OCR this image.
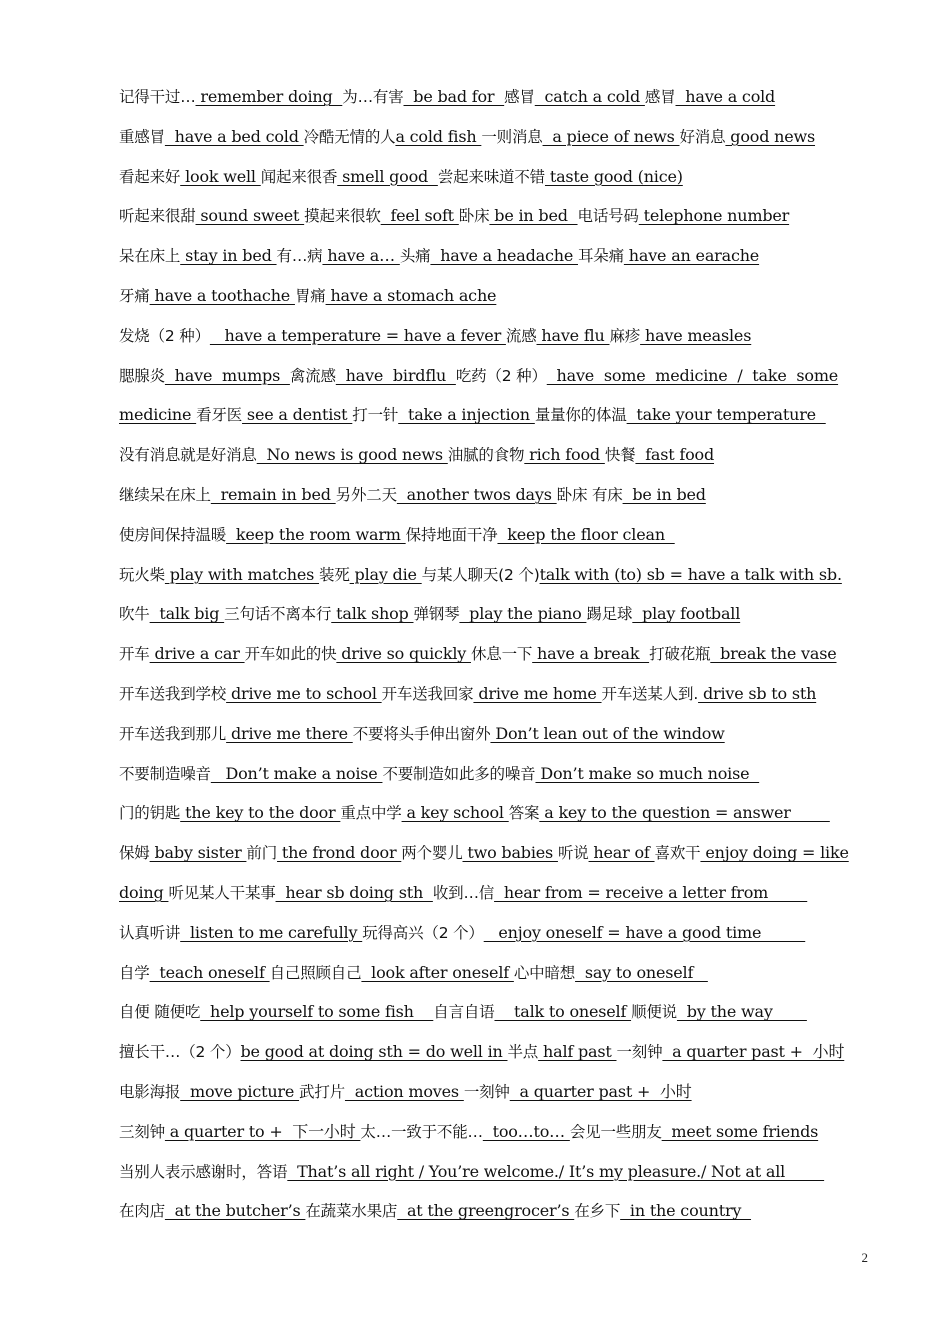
记得干过… remember doing  为…有害  be bad for  感冒  catch a cold 感冒  have a cold
重感冒  have a bed cold 冷酷无情的人a cold fish 一则消息  a piece of news 好消息 good news
看起来好 look well 闻起来很香 smell good  尝起来味道不错 taste good (nice)
听起来很甜 sound sweet 摸起来很软  feel soft 卧床 be in bed  电话号码 telephone number
呆在床上 stay in bed 有…病 have a… 头痛  have a headache 耳朵痛 have an earache
牙痛 have a toothache 胃痛 have a stomach ache
发烧（2 种）   have a temperature = have a fever 流感 have flu 麻疹 have measles
腮腺炎  have  mumps  禽流感  have  birdflu  吃药（2 种）  have  some  medicine  /  take  some
medicine 看牙医 see a dentist 打一针  take a injection 量量你的体温  take your temperature
没有消息就是好消息  No news is good news 油腻的食物 rich food 快餐  fast food
继续呆在床上  remain in bed 另外二天  another twos days 卧床 有床  be in bed
使房间保持温暖  keep the room warm 保持地面干净  keep the floor clean
玩火柴 play with matches 装死 play die 与某人聊天(2 个)talk with (to) sb = have a talk with sb.
吹牛  talk big 三句话不离本行 talk shop 弹钢琴  play the piano 踢足球  play football
开车 drive a car 开车如此的快 drive so quickly 休息一下 have a break  打破花瓶  break the vase
开车送我到学校 drive me to school 开车送我回家 drive me home 开车送某人到. drive sb to sth
开车送我到那儿 drive me there 不要将头手伸出窗外 Don’t lean out of the window
不要制造噪音   Don’t make a noise 不要制造如此多的噪音 Don’t make so much noise
门的钥匙 the key to the door 重点中学 a key school 答案 a key to the question = answer
保姆 baby sister 前门 the frond door 两个婴儿 two babies 听说 hear of 喜欢干 enjoy doing = like
doing 听见某人干某事  hear sb doing sth  收到…信  hear from = receive a letter from
认真听讲  listen to me carefully 玩得高兴（2 个）   enjoy oneself = have a good time
自学  teach oneself 自己照顾自己  look after oneself 心中暗想  say to oneself
自便 随便吃  help yourself to some fish    自言自语    talk to oneself 顺便说  by the way
擅长干…（2 个）be good at doing sth = do well in 半点 half past 一刻钟  a quarter past +  小时
电影海报  move picture 武打片  action moves 一刻钟  a quarter past +  小时
三刻钟 a quarter to +  下一小时 太…一致于不能…  too…to… 会见一些朋友  meet some friends
当别人表示感谢时，答语  That’s all right / You’re welcome./ It’s my pleasure./ Not at all
在肉店  at the butcher’s 在蔬菜水果店  at the greengrocer’s 在乡下  in the country
2
